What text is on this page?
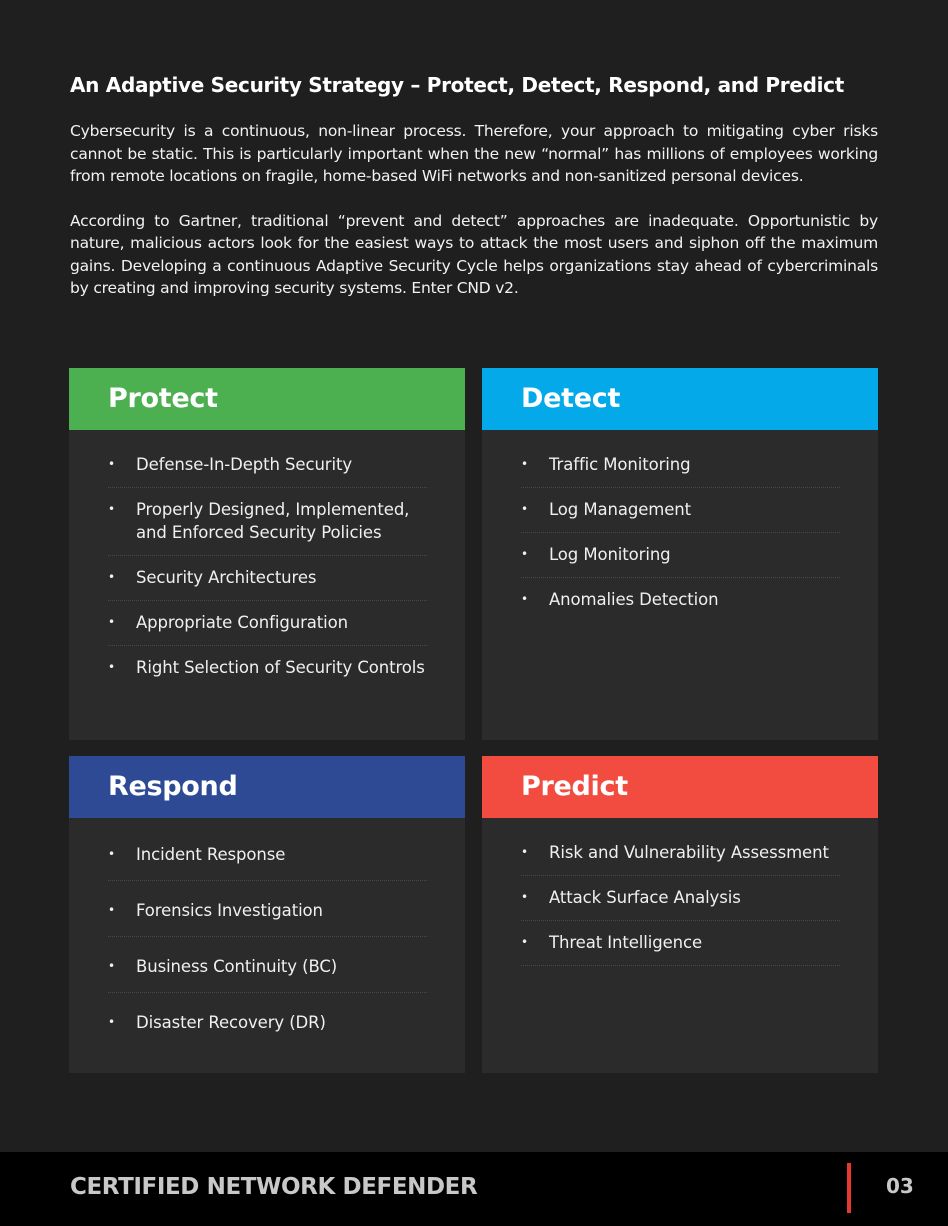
An Adaptive Security Strategy – Protect, Detect, Respond, and Predict

Cybersecurity is a continuous, non-linear process. Therefore, your approach to mitigating cyber risks cannot be static. This is particularly important when the new “normal” has millions of employees working from remote locations on fragile, home-based WiFi networks and non-sanitized personal devices.

According to Gartner, traditional “prevent and detect” approaches are inadequate. Opportunistic by nature, malicious actors look for the easiest ways to attack the most users and siphon off the maximum gains. Developing a continuous Adaptive Security Cycle helps organizations stay ahead of cybercriminals by creating and improving security systems. Enter CND v2.

Protect
• Defense-In-Depth Security
• Properly Designed, Implemented, and Enforced Security Policies
• Security Architectures
• Appropriate Configuration
• Right Selection of Security Controls
Detect
• Traffic Monitoring
• Log Management
• Log Monitoring
• Anomalies Detection
Respond
• Incident Response
• Forensics Investigation
• Business Continuity (BC)
• Disaster Recovery (DR)
Predict
• Risk and Vulnerability Assessment
• Attack Surface Analysis
• Threat Intelligence
CERTIFIED NETWORK DEFENDER	03
